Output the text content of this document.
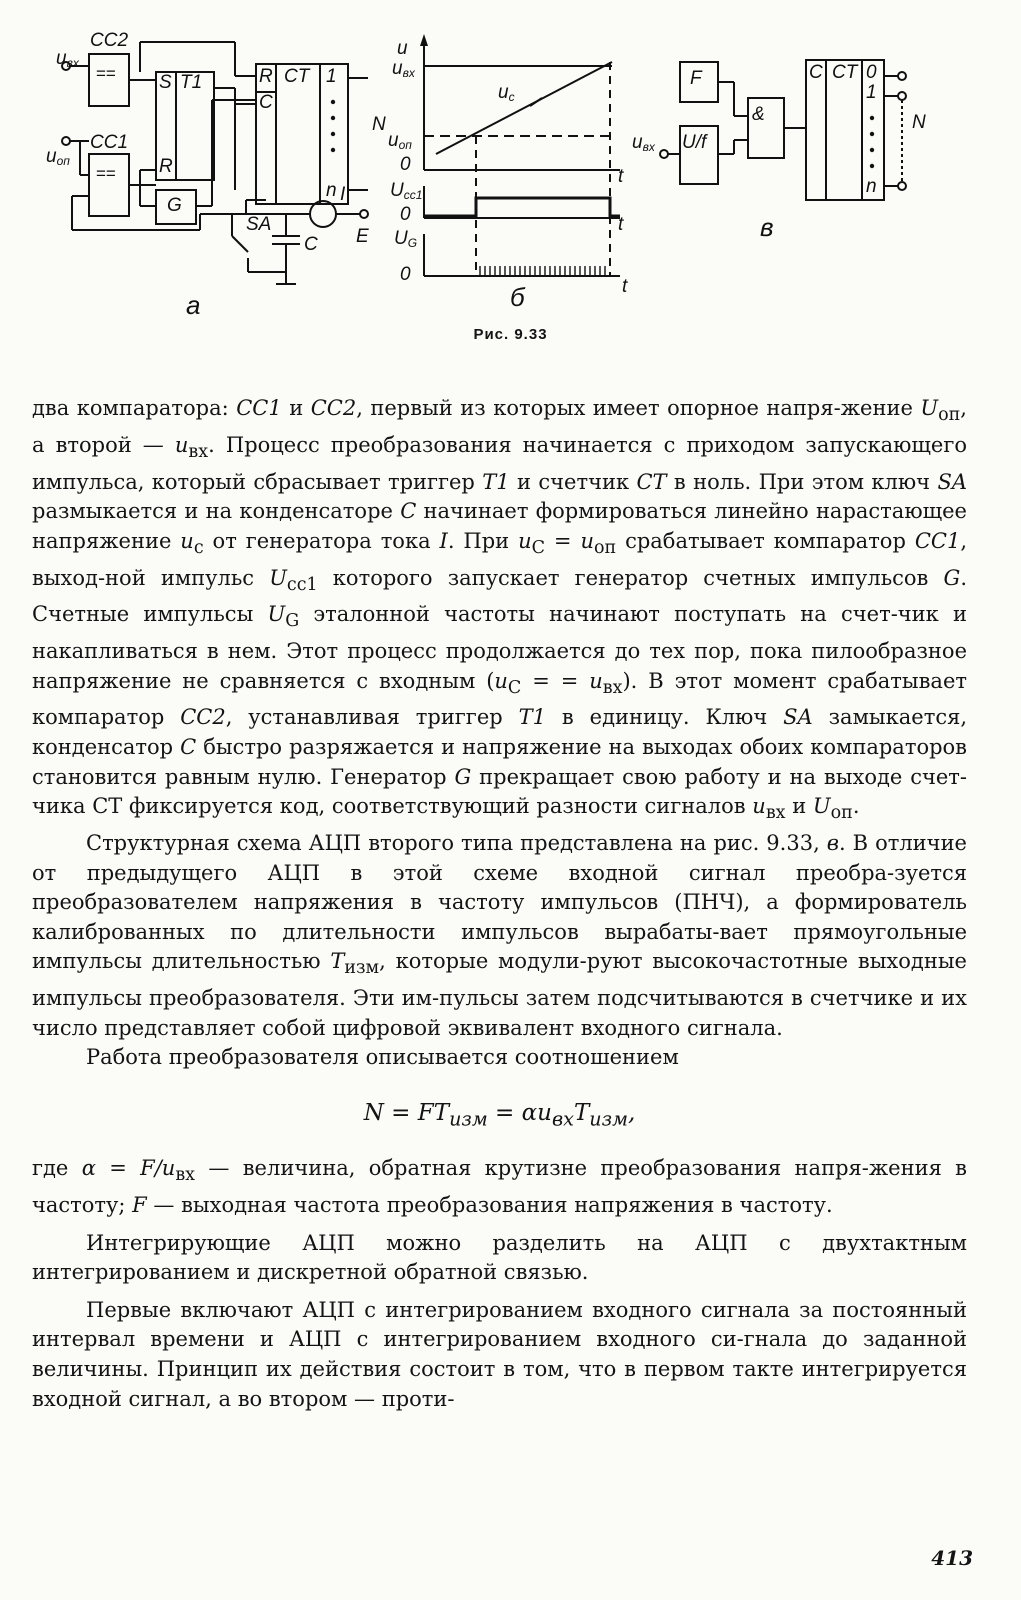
$u_{вх}$
CC2
==
$u_{оп}$
CC1
==
S T1
R
R
C
CT 1
n
N
G
SA
C
I
E
а
u
$u_{вх}$
$u_c$
$u_{оп}$
0
t
$U_{cc1}$
0	t
$U_G$
0
t
б
F
U/f
&
$u_{вх}$
C CT 0
1
n
N
в
Рис. 9.33

два компаратора: CC1 и CC2, первый из которых имеет опорное напря-жение $U_{оп}$, а второй — $u_{вх}$. Процесс преобразования начинается с приходом запускающего импульса, который сбрасывает триггер T1 и счетчик CT в ноль. При этом ключ SA размыкается и на конденсаторе C начинает формироваться линейно нарастающее напряжение $u_c$ от генератора тока I. При $u_C = u_{оп}$ срабатывает компаратор CC1, выход-ной импульс $U_{cc1}$ которого запускает генератор счетных импульсов G. Счетные импульсы $U_G$ эталонной частоты начинают поступать на счет-чик и накапливаться в нем. Этот процесс продолжается до тех пор, пока пилообразное напряжение не сравняется с входным ($u_C$ = = $u_{вх}$). В этот момент срабатывает компаратор CC2, устанавливая триггер T1 в единицу. Ключ SA замыкается, конденсатор C быстро разряжается и напряжение на выходах обоих компараторов становится равным нулю. Генератор G прекращает свою работу и на выходе счет-чика СТ фиксируется код, соответствующий разности сигналов $u_{вх}$ и $U_{оп}$.

Структурная схема АЦП второго типа представлена на рис. 9.33, в. В отличие от предыдущего АЦП в этой схеме входной сигнал преобра-зуется преобразователем напряжения в частоту импульсов (ПНЧ), а формирователь калиброванных по длительности импульсов вырабаты-вает прямоугольные импульсы длительностью $T_{изм}$, которые модули-руют высокочастотные выходные импульсы преобразователя. Эти им-пульсы затем подсчитываются в счетчике и их число представляет собой цифровой эквивалент входного сигнала.

Работа преобразователя описывается соотношением

$N = FT_{изм} = \alpha u_{вх}T_{изм}$,

где $\alpha = F/u_{вх}$ — величина, обратная крутизне преобразования напря-жения в частоту; F — выходная частота преобразования напряжения в частоту.

Интегрирующие АЦП можно разделить на АЦП с двухтактным интегрированием и дискретной обратной связью.

Первые включают АЦП с интегрированием входного сигнала за постоянный интервал времени и АЦП с интегрированием входного си-гнала до заданной величины. Принцип их действия состоит в том, что в первом такте интегрируется входной сигнал, а во втором — проти-

413
